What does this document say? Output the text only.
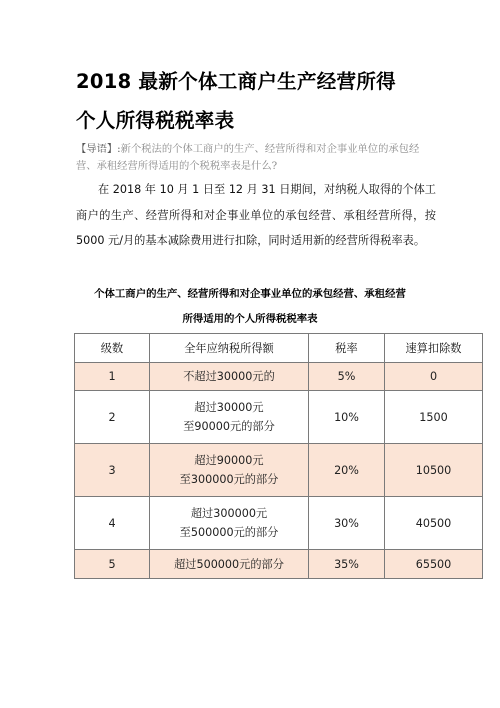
2018 最新个体工商户生产经营所得
个人所得税税率表
【导语】:新个税法的个体工商户的生产、经营所得和对企事业单位的承包经营、承租经营所得适用的个税税率表是什么?
在 2018 年 10 月 1 日至 12 月 31 日期间，对纳税人取得的个体工商户的生产、经营所得和对企事业单位的承包经营、承租经营所得，按 5000 元/月的基本减除费用进行扣除，同时适用新的经营所得税率表。
个体工商户的生产、经营所得和对企事业单位的承包经营、承租经营
所得适用的个人所得税税率表
级数	全年应纳税所得额	税率	速算扣除数
1	不超过30000元的	5%	0
2	超过30000元
至90000元的部分	10%	1500
3	超过90000元
至300000元的部分	20%	10500
4	超过300000元
至500000元的部分	30%	40500
5	超过500000元的部分	35%	65500
